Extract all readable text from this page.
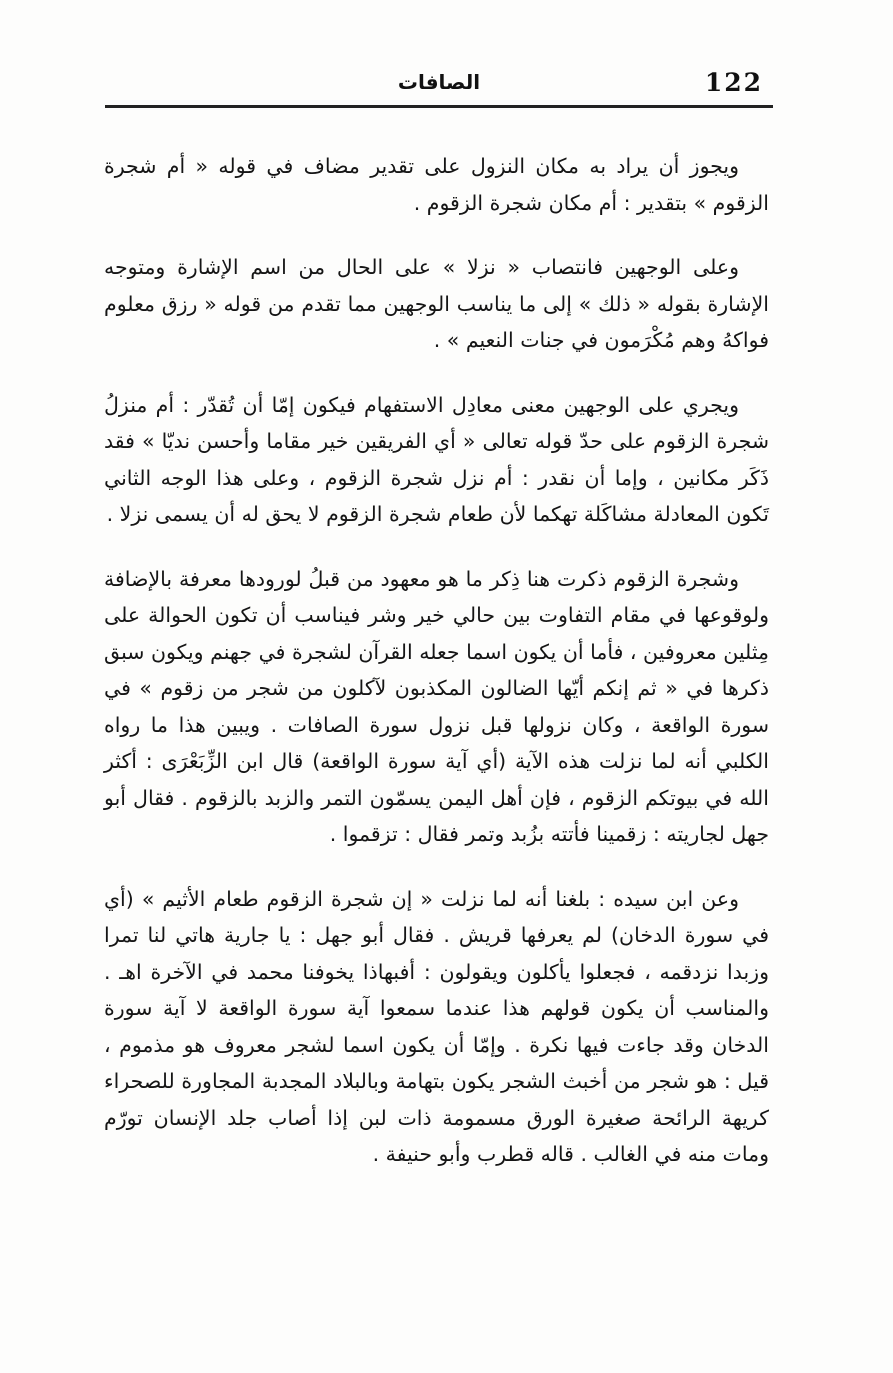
122
الصافات

ويجوز أن يراد به مكان النزول على تقدير مضاف في قوله « أم شجرة الزقوم » بتقدير : أم مكان شجرة الزقوم .

وعلى الوجهين فانتصاب « نزلا » على الحال من اسم الإشارة ومتوجه الإشارة بقوله « ذلك » إلى ما يناسب الوجهين مما تقدم من قوله « رزق معلوم فواكهُ وهم مُكْرَمون في جنات النعيم » .

ويجري على الوجهين معنى معادِل الاستفهام فيكون إمّا أن تُقدّر : أم منزلُ شجرة الزقوم على حدّ قوله تعالى « أي الفريقين خير مقاما وأحسن نديّا » فقد ذَكَر مكانين ، وإما أن نقدر : أم نزل شجرة الزقوم ، وعلى هذا الوجه الثاني تَكون المعادلة مشاكَلة تهكما لأن طعام شجرة الزقوم لا يحق له أن يسمى نزلا .

وشجرة الزقوم ذكرت هنا ذِكر ما هو معهود من قبلُ لورودها معرفة بالإضافة ولوقوعها في مقام التفاوت بين حالي خير وشر فيناسب أن تكون الحوالة على مِثلين معروفين ، فأما أن يكون اسما جعله القرآن لشجرة في جهنم ويكون سبق ذكرها في « ثم إنكم أيّها الضالون المكذبون لآكلون من شجر من زقوم » في سورة الواقعة ، وكان نزولها قبل نزول سورة الصافات . ويبين هذا ما رواه الكلبي أنه لما نزلت هذه الآية (أي آية سورة الواقعة) قال ابن الزِّبَعْرَى : أكثر الله في بيوتكم الزقوم ، فإن أهل اليمن يسمّون التمر والزبد بالزقوم . فقال أبو جهل لجاريته : زقمينا فأتته بزُبد وتمر فقال : تزقموا .

وعن ابن سيده : بلغنا أنه لما نزلت « إن شجرة الزقوم طعام الأثيم » (أي في سورة الدخان) لم يعرفها قريش . فقال أبو جهل : يا جارية هاتي لنا تمرا وزبدا نزدقمه ، فجعلوا يأكلون ويقولون : أفبهاذا يخوفنا محمد في الآخرة اهـ . والمناسب أن يكون قولهم هذا عندما سمعوا آية سورة الواقعة لا آية سورة الدخان وقد جاءت فيها نكرة . وإمّا أن يكون اسما لشجر معروف هو مذموم ، قيل : هو شجر من أخبث الشجر يكون بتهامة وبالبلاد المجدبة المجاورة للصحراء كريهة الرائحة صغيرة الورق مسمومة ذات لبن إذا أصاب جلد الإنسان تورّم ومات منه في الغالب . قاله قطرب وأبو حنيفة .
